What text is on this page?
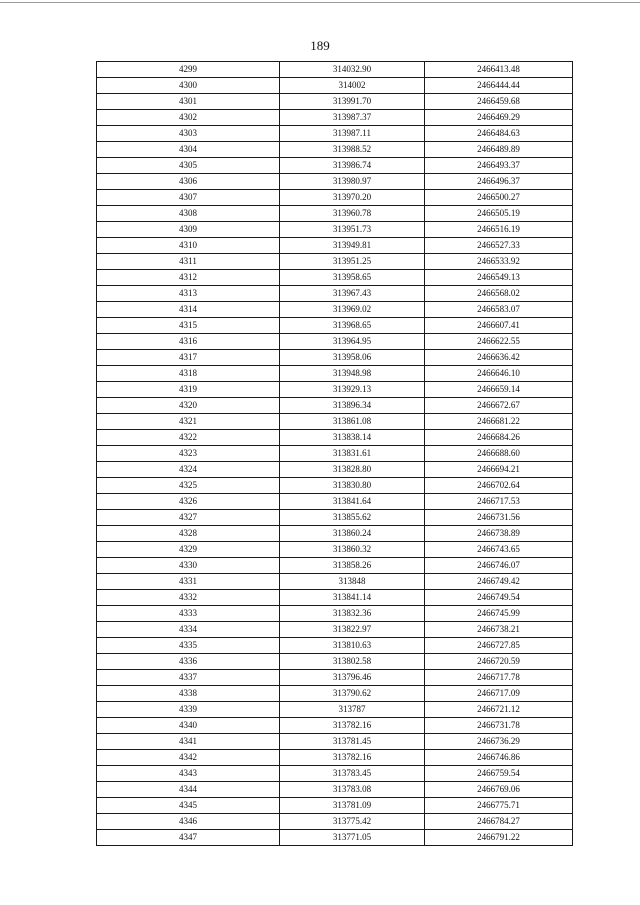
189
4299	314032.90	2466413.48
4300	314002	2466444.44
4301	313991.70	2466459.68
4302	313987.37	2466469.29
4303	313987.11	2466484.63
4304	313988.52	2466489.89
4305	313986.74	2466493.37
4306	313980.97	2466496.37
4307	313970.20	2466500.27
4308	313960.78	2466505.19
4309	313951.73	2466516.19
4310	313949.81	2466527.33
4311	313951.25	2466533.92
4312	313958.65	2466549.13
4313	313967.43	2466568.02
4314	313969.02	2466583.07
4315	313968.65	2466607.41
4316	313964.95	2466622.55
4317	313958.06	2466636.42
4318	313948.98	2466646.10
4319	313929.13	2466659.14
4320	313896.34	2466672.67
4321	313861.08	2466681.22
4322	313838.14	2466684.26
4323	313831.61	2466688.60
4324	313828.80	2466694.21
4325	313830.80	2466702.64
4326	313841.64	2466717.53
4327	313855.62	2466731.56
4328	313860.24	2466738.89
4329	313860.32	2466743.65
4330	313858.26	2466746.07
4331	313848	2466749.42
4332	313841.14	2466749.54
4333	313832.36	2466745.99
4334	313822.97	2466738.21
4335	313810.63	2466727.85
4336	313802.58	2466720.59
4337	313796.46	2466717.78
4338	313790.62	2466717.09
4339	313787	2466721.12
4340	313782.16	2466731.78
4341	313781.45	2466736.29
4342	313782.16	2466746.86
4343	313783.45	2466759.54
4344	313783.08	2466769.06
4345	313781.09	2466775.71
4346	313775.42	2466784.27
4347	313771.05	2466791.22
